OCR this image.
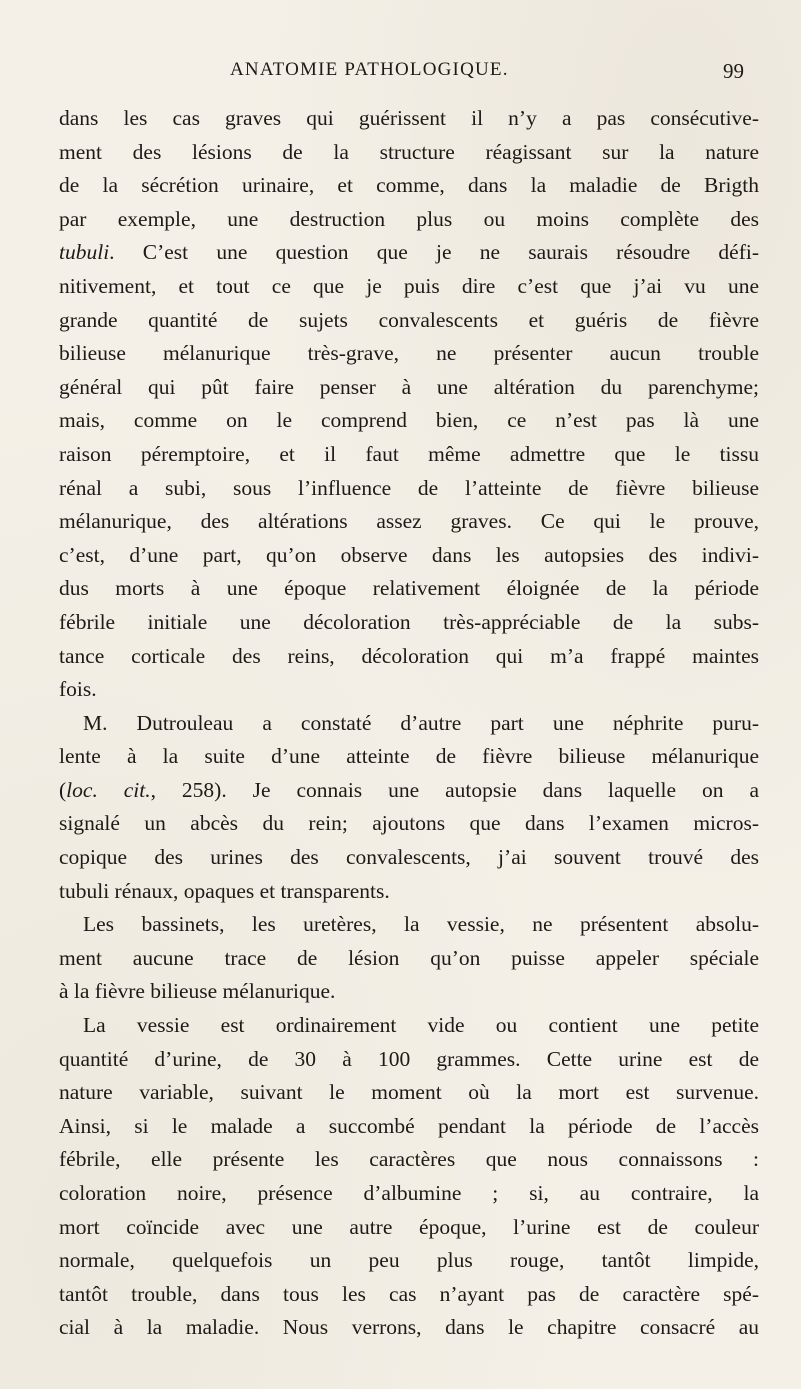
ANATOMIE PATHOLOGIQUE.	99
dans les cas graves qui guérissent il n’y a pas consécutive-
ment des lésions de la structure réagissant sur la nature
de la sécrétion urinaire, et comme, dans la maladie de Brigth
par exemple, une destruction plus ou moins complète des
tubuli. C’est une question que je ne saurais résoudre défi-
nitivement, et tout ce que je puis dire c’est que j’ai vu une
grande quantité de sujets convalescents et guéris de fièvre
bilieuse mélanurique très-grave, ne présenter aucun trouble
général qui pût faire penser à une altération du parenchyme;
mais, comme on le comprend bien, ce n’est pas là une
raison péremptoire, et il faut même admettre que le tissu
rénal a subi, sous l’influence de l’atteinte de fièvre bilieuse
mélanurique, des altérations assez graves. Ce qui le prouve,
c’est, d’une part, qu’on observe dans les autopsies des indivi-
dus morts à une époque relativement éloignée de la période
fébrile initiale une décoloration très-appréciable de la subs-
tance corticale des reins, décoloration qui m’a frappé maintes
fois.
M. Dutrouleau a constaté d’autre part une néphrite puru-
lente à la suite d’une atteinte de fièvre bilieuse mélanurique
(loc. cit., 258). Je connais une autopsie dans laquelle on a
signalé un abcès du rein; ajoutons que dans l’examen micros-
copique des urines des convalescents, j’ai souvent trouvé des
tubuli rénaux, opaques et transparents.
Les bassinets, les uretères, la vessie, ne présentent absolu-
ment aucune trace de lésion qu’on puisse appeler spéciale
à la fièvre bilieuse mélanurique.
La vessie est ordinairement vide ou contient une petite
quantité d’urine, de 30 à 100 grammes. Cette urine est de
nature variable, suivant le moment où la mort est survenue.
Ainsi, si le malade a succombé pendant la période de l’accès
fébrile, elle présente les caractères que nous connaissons :
coloration noire, présence d’albumine ; si, au contraire, la
mort coïncide avec une autre époque, l’urine est de couleur
normale, quelquefois un peu plus rouge, tantôt limpide,
tantôt trouble, dans tous les cas n’ayant pas de caractère spé-
cial à la maladie. Nous verrons, dans le chapitre consacré au
